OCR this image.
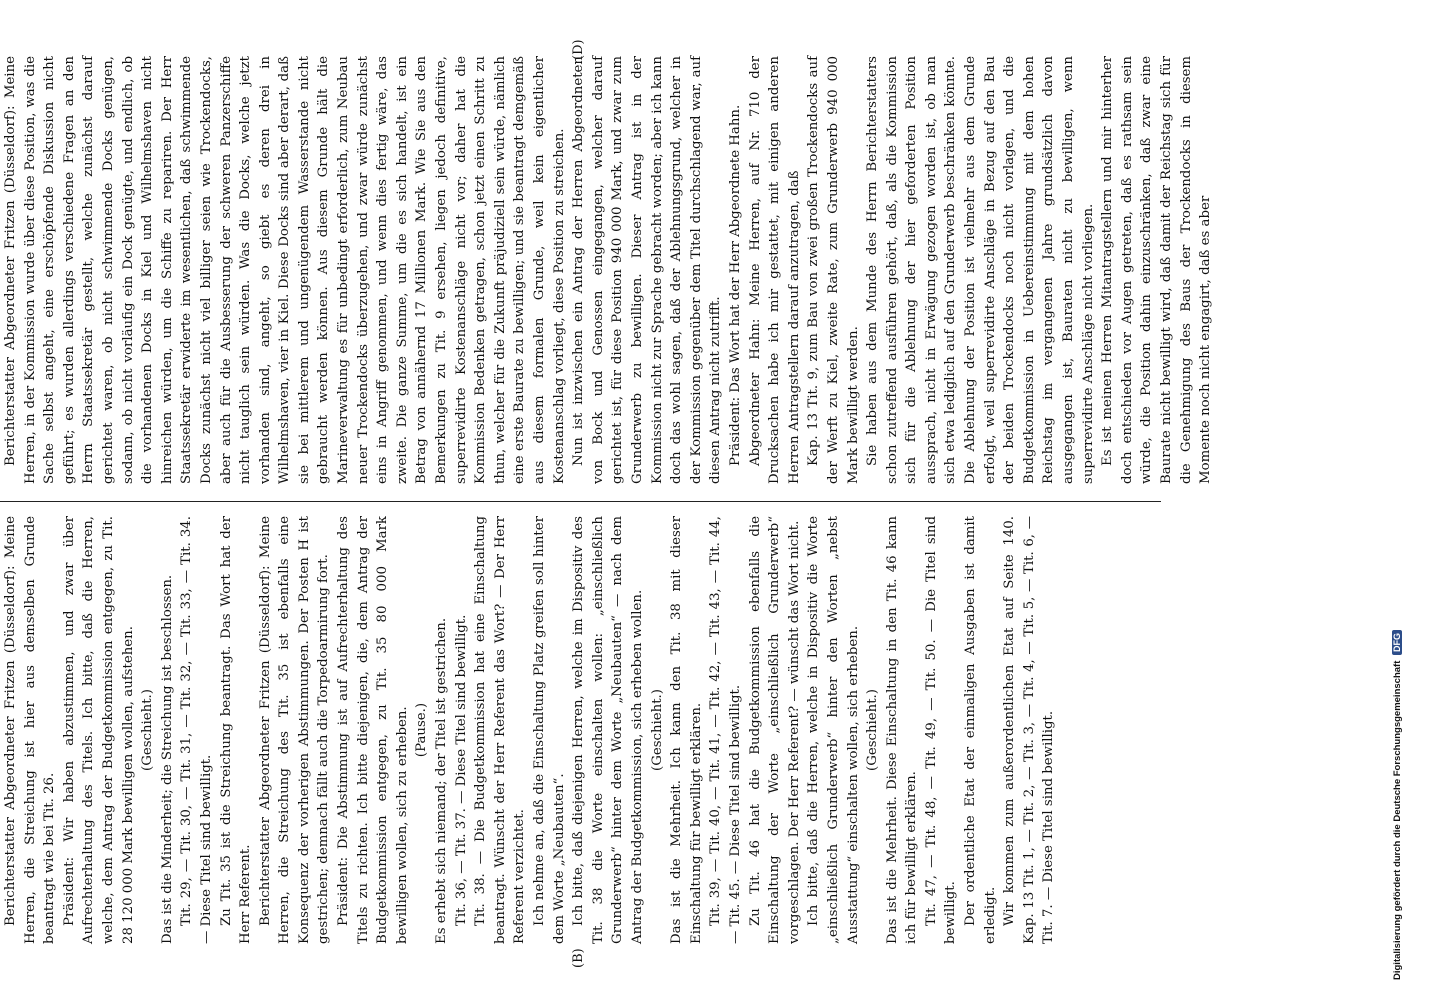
(B)
(D)

Berichterstatter Abgeordneter Fritzen (Düsseldorf): Meine Herren, die Streichung ist hier aus demselben Grunde beantragt wie bei Tit. 26. Präsident: Wir haben abzustimmen, und zwar über Aufrechterhaltung des Titels. Ich bitte, daß die Herren, welche, dem Antrag der Budgetkommission entgegen, zu Tit. 28 120 000 Mark bewilligen wollen, aufstehen. (Geschieht.) Das ist die Minderheit; die Streichung ist beschlossen. Tit. 29, — Tit. 30, — Tit. 31, — Tit. 32, — Tit. 33, — Tit. 34. — Diese Titel sind bewilligt. Zu Tit. 35 ist die Streichung beantragt. Das Wort hat der Herr Referent. Berichterstatter Abgeordneter Fritzen (Düsseldorf): Meine Herren, die Streichung des Tit. 35 ist ebenfalls eine Konsequenz der vorherigen Abstimmungen. Der Posten H ist gestrichen; demnach fällt auch die Torpedoarmirung fort. Präsident: Die Abstimmung ist auf Aufrechterhaltung des Titels zu richten. Ich bitte diejenigen, die, dem Antrag der Budgetkommission entgegen, zu Tit. 35 80 000 Mark bewilligen wollen, sich zu erheben. (Pause.) Es erhebt sich niemand; der Titel ist gestrichen. Tit. 36, — Tit. 37. — Diese Titel sind bewilligt. Tit. 38. — Die Budgetkommission hat eine Einschaltung beantragt. Wünscht der Herr Referent das Wort? — Der Herr Referent verzichtet. Ich nehme an, daß die Einschaltung Platz greifen soll hinter dem Worte „Neubauten“. Ich bitte, daß diejenigen Herren, welche im Dispositiv des Tit. 38 die Worte einschalten wollen: „einschließlich Grunderwerb“ hinter dem Worte „Neubauten“ — nach dem Antrag der Budgetkommission, sich erheben wollen. (Geschieht.) Das ist die Mehrheit. Ich kann den Tit. 38 mit dieser Einschaltung für bewilligt erklären. Tit. 39, — Tit. 40, — Tit. 41, — Tit. 42, — Tit. 43, — Tit. 44, — Tit. 45. — Diese Titel sind bewilligt. Zu Tit. 46 hat die Budgetkommission ebenfalls die Einschaltung der Worte „einschließlich Grunderwerb“ vorgeschlagen. Der Herr Referent? — wünscht das Wort nicht. Ich bitte, daß die Herren, welche in Dispositiv die Worte „einschließlich Grunderwerb“ hinter den Worten „nebst Ausstattung“ einschalten wollen, sich erheben. (Geschieht.) Das ist die Mehrheit. Diese Einschaltung in den Tit. 46 kann ich für bewilligt erklären. Tit. 47, — Tit. 48, — Tit. 49, — Tit. 50. — Die Titel sind bewilligt. Der ordentliche Etat der einmaligen Ausgaben ist damit erledigt. Wir kommen zum außerordentlichen Etat auf Seite 140. Kap. 13 Tit. 1, — Tit. 2, — Tit. 3, — Tit. 4, — Tit. 5, — Tit. 6, — Tit. 7. — Diese Titel sind bewilligt.

Berichterstatter Abgeordneter Fritzen (Düsseldorf): Meine Herren, in der Kommission wurde über diese Position, was die Sache selbst angeht, eine erschöpfende Diskussion nicht geführt; es wurden allerdings verschiedene Fragen an den Herrn Staatssekretär gestellt, welche zunächst darauf gerichtet waren, ob nicht schwimmende Docks genügen, sodann, ob nicht vorläufig ein Dock genügte, und endlich, ob die vorhandenen Docks in Kiel und Wilhelmshaven nicht hinreichen würden, um die Schiffe zu repariren. Der Herr Staatssekretär erwiderte im wesentlichen, daß schwimmende Docks zunächst nicht viel billiger seien wie Trockendocks, aber auch für die Ausbesserung der schweren Panzerschiffe nicht tauglich sein würden. Was die Docks, welche jetzt vorhanden sind, angeht, so giebt es deren drei in Wilhelmshaven, vier in Kiel. Diese Docks sind aber derart, daß sie bei mittlerem und ungenügendem Wasserstande nicht gebraucht werden können. Aus diesem Grunde hält die Marineverwaltung es für unbedingt erforderlich, zum Neubau neuer Trockendocks überzugehen, und zwar würde zunächst eins in Angriff genommen, und wenn dies fertig wäre, das zweite. Die ganze Summe, um die es sich handelt, ist ein Betrag von annähernd 17 Millionen Mark. Wie Sie aus den Bemerkungen zu Tit. 9 ersehen, liegen jedoch definitive, superrevidirte Kostenanschläge nicht vor; daher hat die Kommission Bedenken getragen, schon jetzt einen Schritt zu thun, welcher für die Zukunft präjudiziell sein würde, nämlich eine erste Baurate zu bewilligen; und sie beantragt demgemäß aus diesem formalen Grunde, weil kein eigentlicher Kostenanschlag vorliegt, diese Position zu streichen. Nun ist inzwischen ein Antrag der Herren Abgeordneten von Bock und Genossen eingegangen, welcher darauf gerichtet ist, für diese Position 940 000 Mark, und zwar zum Grunderwerb zu bewilligen. Dieser Antrag ist in der Kommission nicht zur Sprache gebracht worden; aber ich kann doch das wohl sagen, daß der Ablehnungsgrund, welcher in der Kommission gegenüber dem Titel durchschlagend war, auf diesen Antrag nicht zutrifft. Präsident: Das Wort hat der Herr Abgeordnete Hahn. Abgeordneter Hahn: Meine Herren, auf Nr. 710 der Drucksachen habe ich mir gestattet, mit einigen anderen Herren Antragstellern darauf anzutragen, daß Kap. 13 Tit. 9, zum Bau von zwei großen Trockendocks auf der Werft zu Kiel, zweite Rate, zum Grunderwerb 940 000 Mark bewilligt werden. Sie haben aus dem Munde des Herrn Berichterstatters schon zutreffend ausführen gehört, daß, als die Kommission sich für die Ablehnung der hier geforderten Position aussprach, nicht in Erwägung gezogen worden ist, ob man sich etwa lediglich auf den Grunderwerb beschränken könnte. Die Ablehnung der Position ist vielmehr aus dem Grunde erfolgt, weil superrevidirte Anschläge in Bezug auf den Bau der beiden Trockendocks noch nicht vorlagen, und die Budgetkommission in Uebereinstimmung mit dem hohen Reichstag im vergangenen Jahre grundsätzlich davon ausgegangen ist, Bauraten nicht zu bewilligen, wenn superrevidirte Anschläge nicht vorliegen. Es ist meinen Herren Mitantragstellern und mir hinterher doch entschieden vor Augen getreten, daß es rathsam sein würde, die Position dahin einzuschränken, daß zwar eine Baurate nicht bewilligt wird, daß damit der Reichstag sich für die Genehmigung des Baus der Trockendocks in diesem Momente noch nicht engagirt, daß es aber

Digitalisierung gefördert durch die Deutsche Forschungsgemeinschaft DFG
